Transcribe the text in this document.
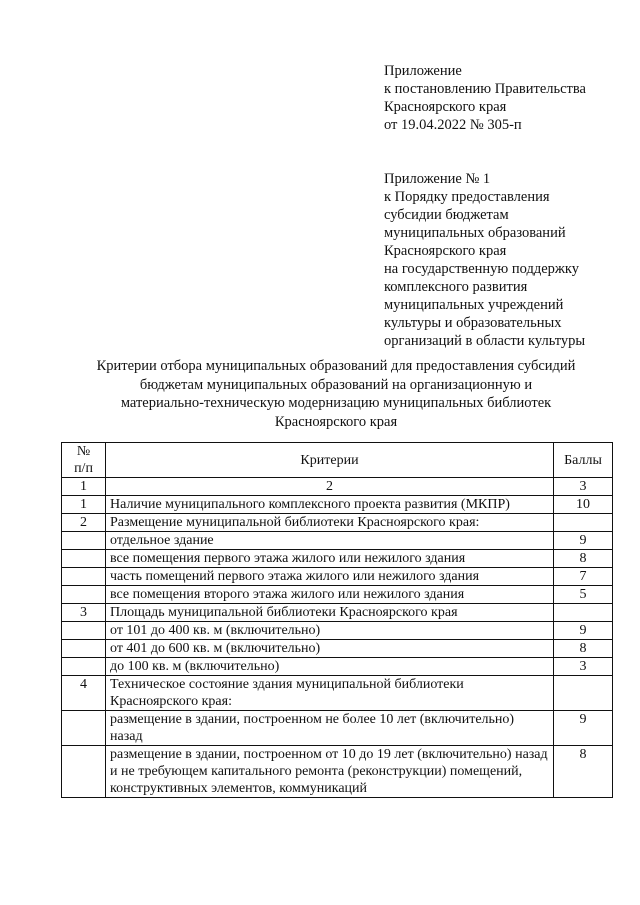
Приложение
к постановлению Правительства
Красноярского края
от 19.04.2022 № 305-п
Приложение № 1
к Порядку предоставления
субсидии бюджетам
муниципальных образований
Красноярского края
на государственную поддержку
комплексного развития
муниципальных учреждений
культуры и образовательных
организаций в области культуры
Критерии отбора муниципальных образований для предоставления субсидий
бюджетам муниципальных образований на организационную и
материально-техническую модернизацию муниципальных библиотек
Красноярского края
№
п/п	Критерии	Баллы
1	2	3
1	Наличие муниципального комплексного проекта развития (МКПР)	10
2	Размещение муниципальной библиотеки Красноярского края:	
	отдельное здание	9
	все помещения первого этажа жилого или нежилого здания	8
	часть помещений первого этажа жилого или нежилого здания	7
	все помещения второго этажа жилого или нежилого здания	5
3	Площадь муниципальной библиотеки Красноярского края	
	от 101 до 400 кв. м (включительно)	9
	от 401 до 600 кв. м (включительно)	8
	до 100 кв. м (включительно)	3
4	Техническое состояние здания муниципальной библиотеки Красноярского края:	
	размещение в здании, построенном не более 10 лет (включительно) назад	9
	размещение в здании, построенном от 10 до 19 лет (включительно) назад и не требующем капитального ремонта (реконструкции) помещений, конструктивных элементов, коммуникаций	8
